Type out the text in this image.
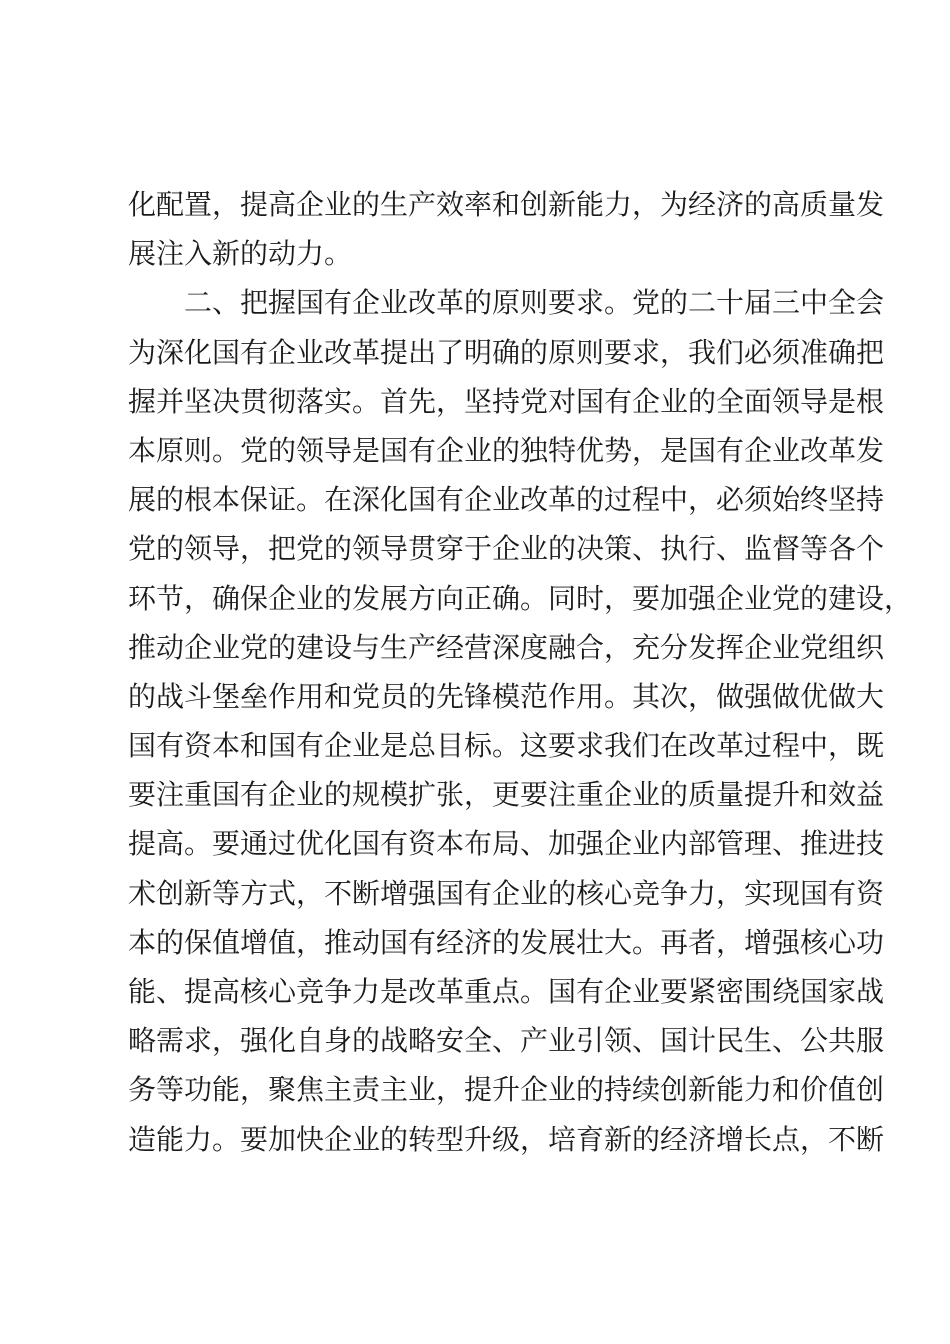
化配置，提高企业的生产效率和创新能力，为经济的高质量发
展注入新的动力。
　　二、把握国有企业改革的原则要求。党的二十届三中全会
为深化国有企业改革提出了明确的原则要求，我们必须准确把
握并坚决贯彻落实。首先，坚持党对国有企业的全面领导是根
本原则。党的领导是国有企业的独特优势，是国有企业改革发
展的根本保证。在深化国有企业改革的过程中，必须始终坚持
党的领导，把党的领导贯穿于企业的决策、执行、监督等各个
环节，确保企业的发展方向正确。同时，要加强企业党的建设，
推动企业党的建设与生产经营深度融合，充分发挥企业党组织
的战斗堡垒作用和党员的先锋模范作用。其次，做强做优做大
国有资本和国有企业是总目标。这要求我们在改革过程中，既
要注重国有企业的规模扩张，更要注重企业的质量提升和效益
提高。要通过优化国有资本布局、加强企业内部管理、推进技
术创新等方式，不断增强国有企业的核心竞争力，实现国有资
本的保值增值，推动国有经济的发展壮大。再者，增强核心功
能、提高核心竞争力是改革重点。国有企业要紧密围绕国家战
略需求，强化自身的战略安全、产业引领、国计民生、公共服
务等功能，聚焦主责主业，提升企业的持续创新能力和价值创
造能力。要加快企业的转型升级，培育新的经济增长点，不断
